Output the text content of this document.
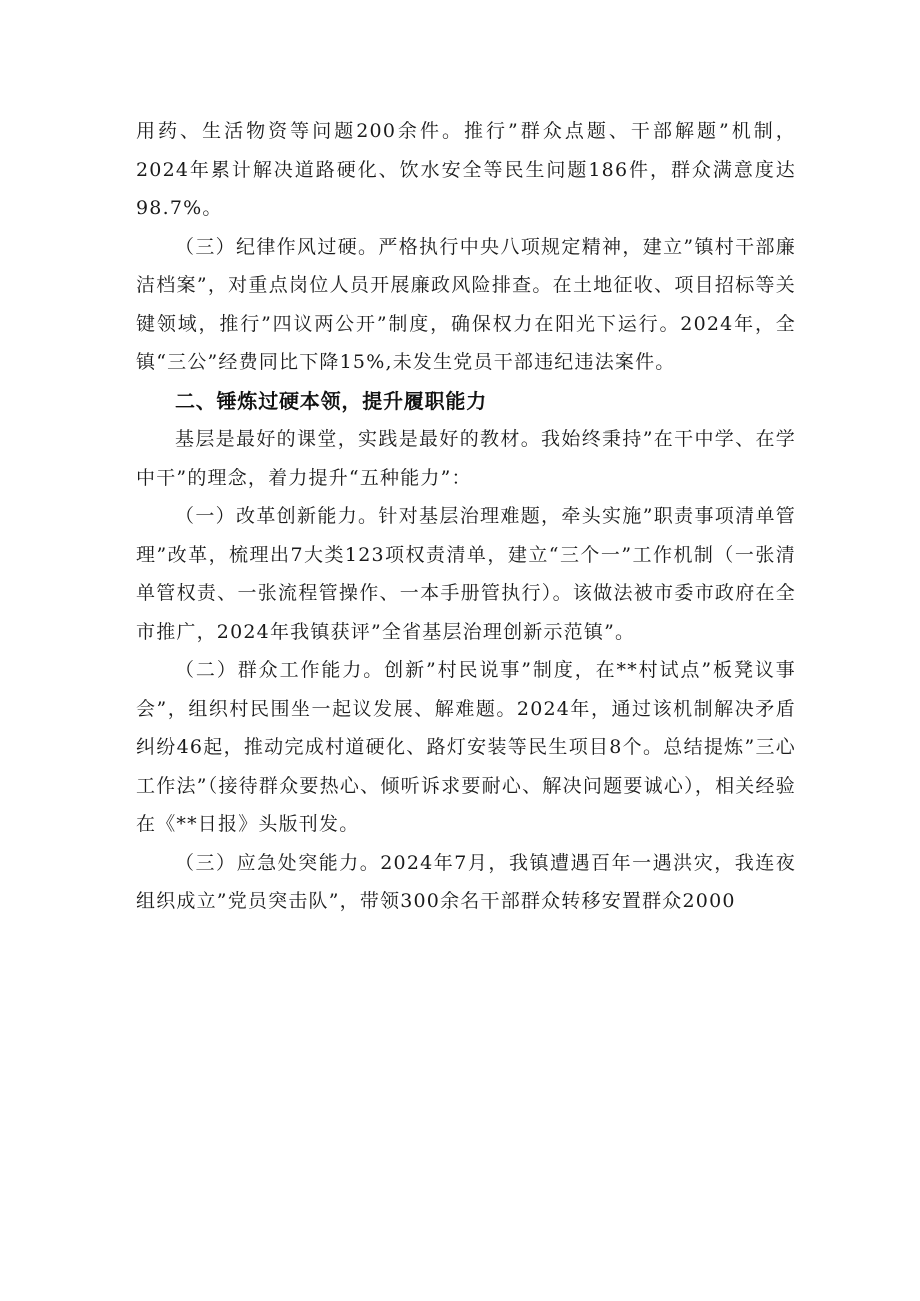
用药、生活物资等问题200余件。推行”群众点题、干部解题”机制，2024年累计解决道路硬化、饮水安全等民生问题186件，群众满意度达98.7%。

（三）纪律作风过硬。严格执行中央八项规定精神，建立”镇村干部廉洁档案”，对重点岗位人员开展廉政风险排查。在土地征收、项目招标等关键领域，推行”四议两公开”制度，确保权力在阳光下运行。2024年，全镇“三公”经费同比下降15%,未发生党员干部违纪违法案件。

二、锤炼过硬本领，提升履职能力

基层是最好的课堂，实践是最好的教材。我始终秉持”在干中学、在学中干”的理念，着力提升“五种能力”：

（一）改革创新能力。针对基层治理难题，牵头实施”职责事项清单管理”改革，梳理出7大类123项权责清单，建立“三个一”工作机制（一张清单管权责、一张流程管操作、一本手册管执行）。该做法被市委市政府在全市推广，2024年我镇获评”全省基层治理创新示范镇”。

（二）群众工作能力。创新”村民说事”制度，在**村试点”板凳议事会”，组织村民围坐一起议发展、解难题。2024年，通过该机制解决矛盾纠纷46起，推动完成村道硬化、路灯安装等民生项目8个。总结提炼”三心工作法”（接待群众要热心、倾听诉求要耐心、解决问题要诚心），相关经验在《**日报》头版刊发。

（三）应急处突能力。2024年7月，我镇遭遇百年一遇洪灾，我连夜组织成立”党员突击队”，带领300余名干部群众转移安置群众2000
